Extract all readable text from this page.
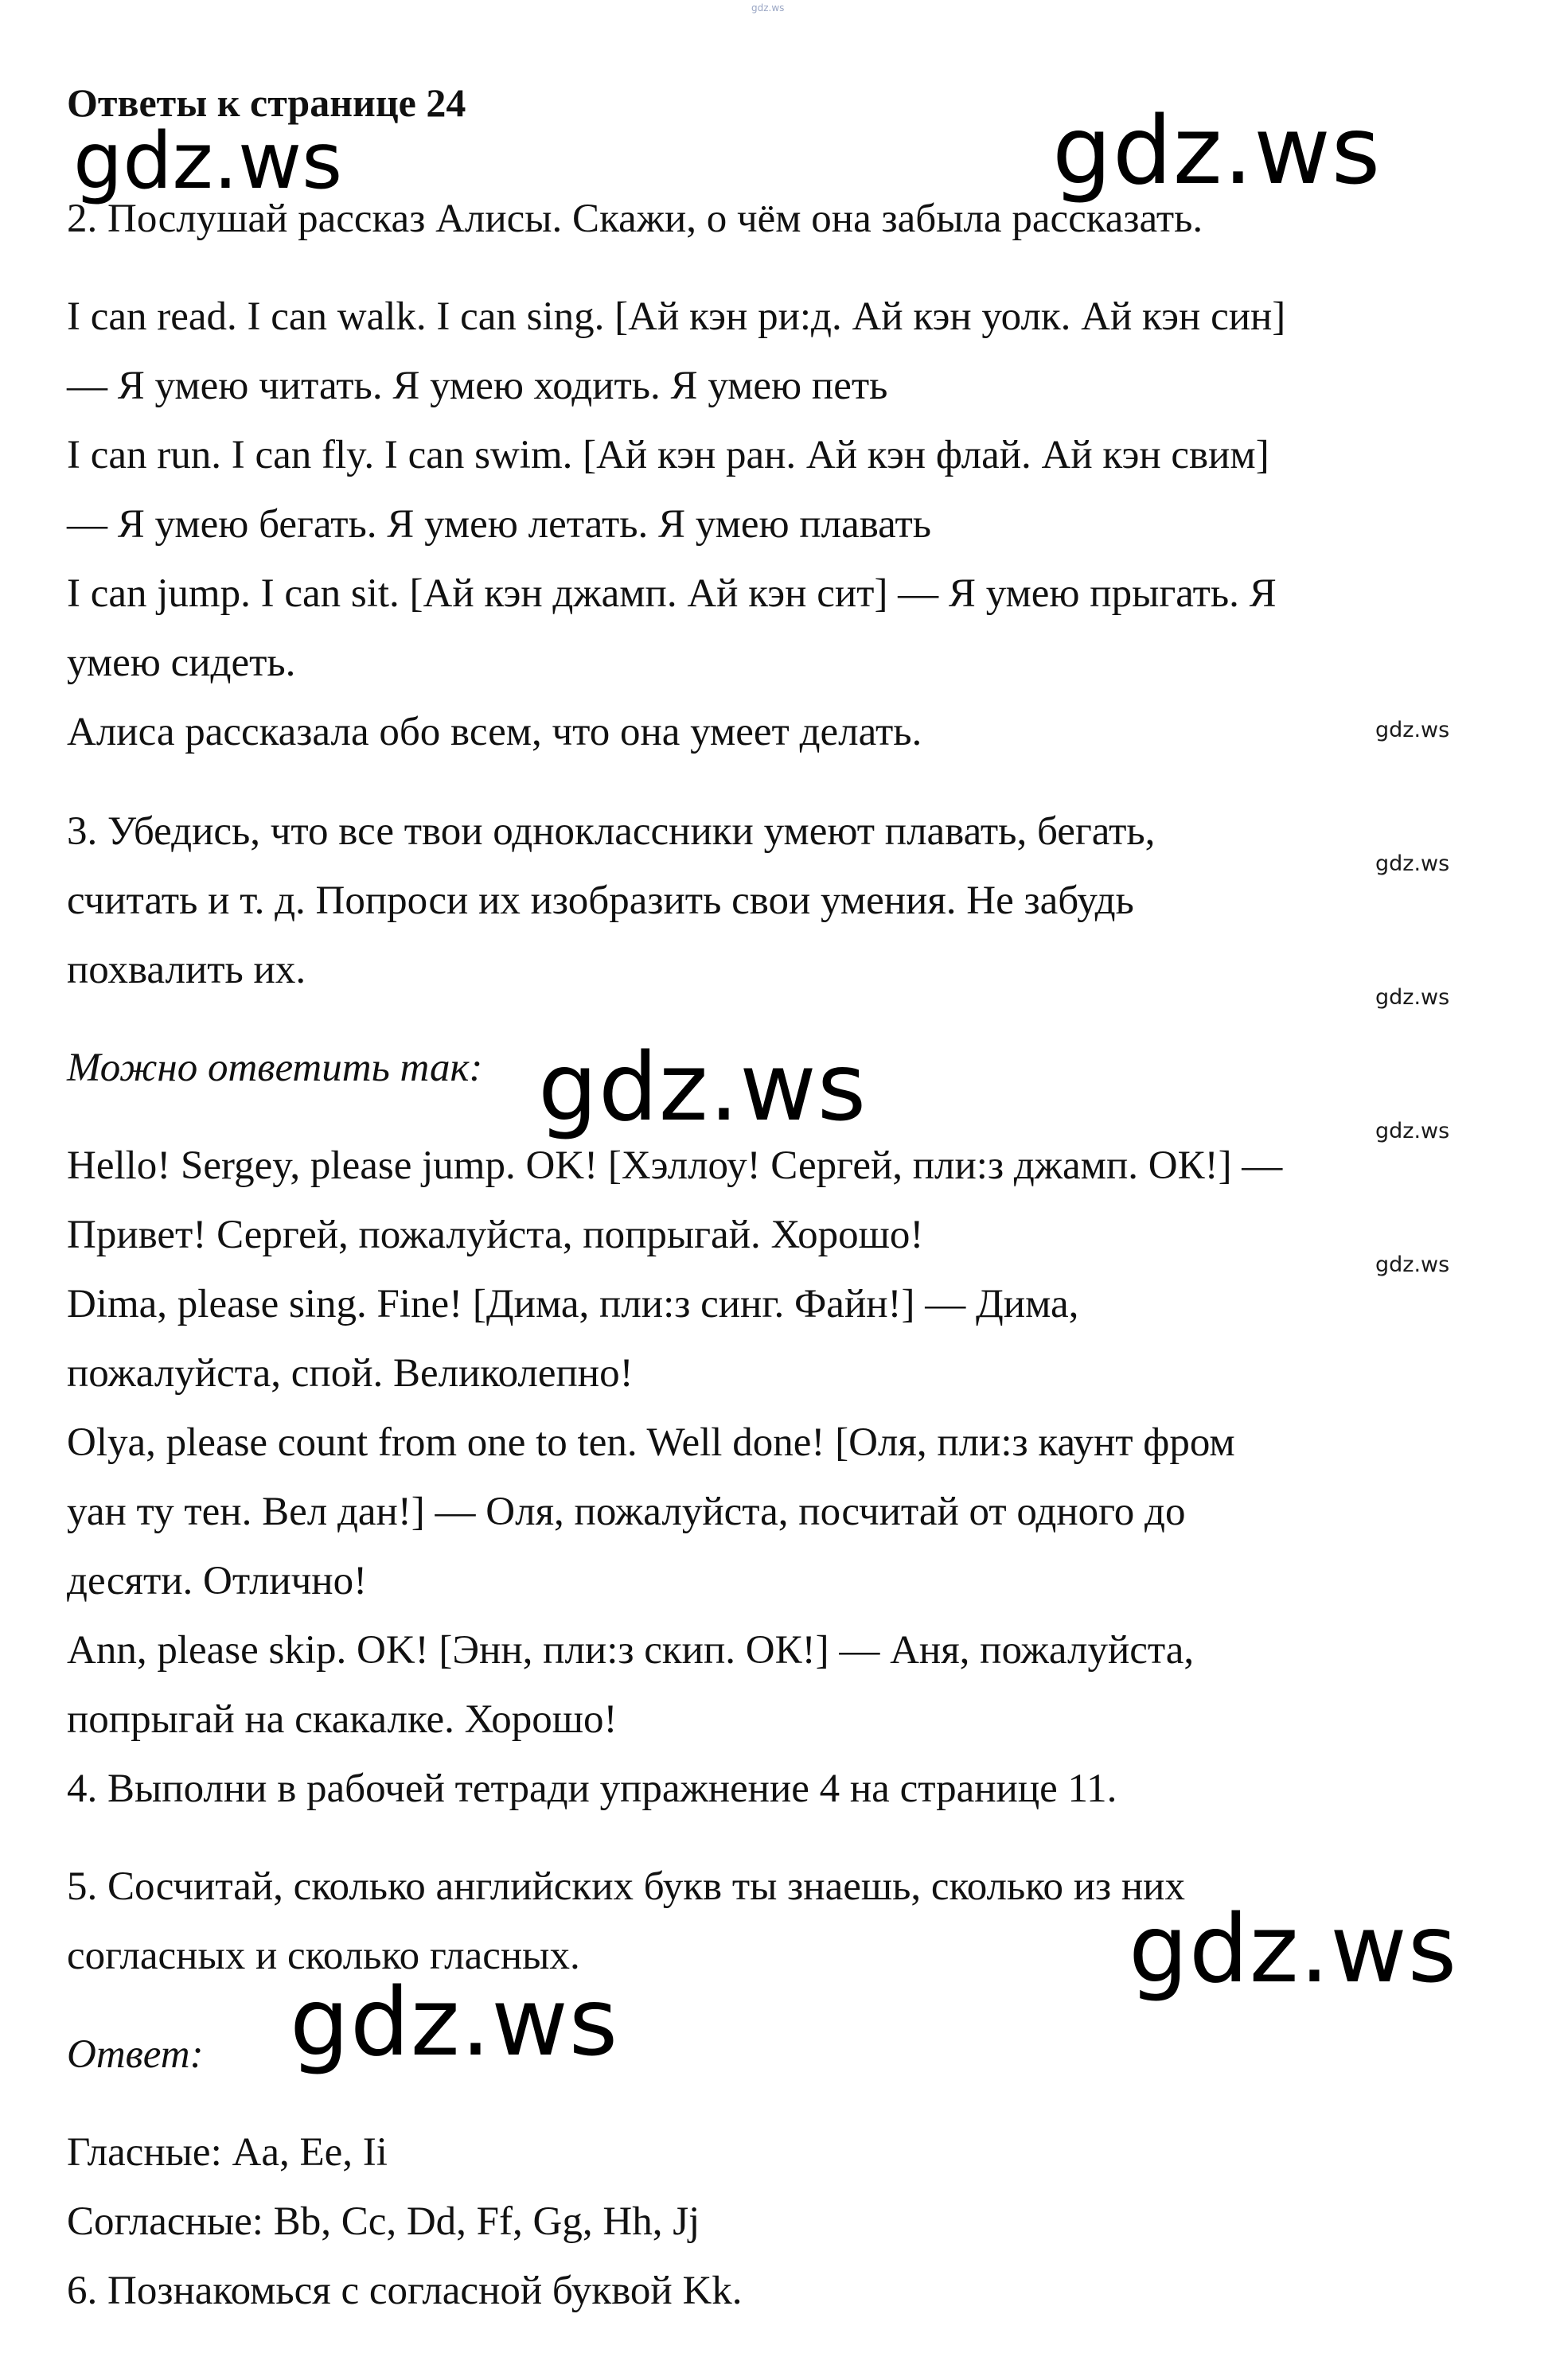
gdz.ws
Ответы к странице 24
2. Послушай рассказ Алисы. Скажи, о чём она забыла рассказать.
I can read. I can walk. I can sing. [Ай кэн ри:д. Ай кэн уолк. Ай кэн син]
— Я умею читать. Я умею ходить. Я умею петь
I can run. I can fly. I can swim. [Ай кэн ран. Ай кэн флай. Ай кэн свим]
— Я умею бегать. Я умею летать. Я умею плавать
I can jump. I can sit. [Ай кэн джамп. Ай кэн сит] — Я умею прыгать. Я
умею сидеть.
Алиса рассказала обо всем, что она умеет делать.
3. Убедись, что все твои одноклассники умеют плавать, бегать,
считать и т. д. Попроси их изобразить свои умения. Не забудь
похвалить их.
Можно ответить так:
Hello! Sergey, please jump. OK! [Хэллоу! Сергей, пли:з джамп. ОК!] —
Привет! Сергей, пожалуйста, попрыгай. Хорошо!
Dima, please sing. Fine! [Дима, пли:з синг. Файн!] — Дима,
пожалуйста, спой. Великолепно!
Olya, please count from one to ten. Well done! [Оля, пли:з каунт фром
уан ту тен. Вел дан!] — Оля, пожалуйста, посчитай от одного до
десяти. Отлично!
Ann, please skip. OK! [Энн, пли:з скип. ОК!] — Аня, пожалуйста,
попрыгай на скакалке. Хорошо!
4. Выполни в рабочей тетради упражнение 4 на странице 11.
5. Сосчитай, сколько английских букв ты знаешь, сколько из них
согласных и сколько гласных.
Ответ:
Гласные: Aa, Ee, Ii
Согласные: Bb, Cc, Dd, Ff, Gg, Hh, Jj
6. Познакомься с согласной буквой Kk.
gdz.ws	gdz.ws
gdz.ws
gdz.ws
gdz.ws
gdz.ws
gdz.ws
gdz.ws
gdz.ws
gdz.ws
